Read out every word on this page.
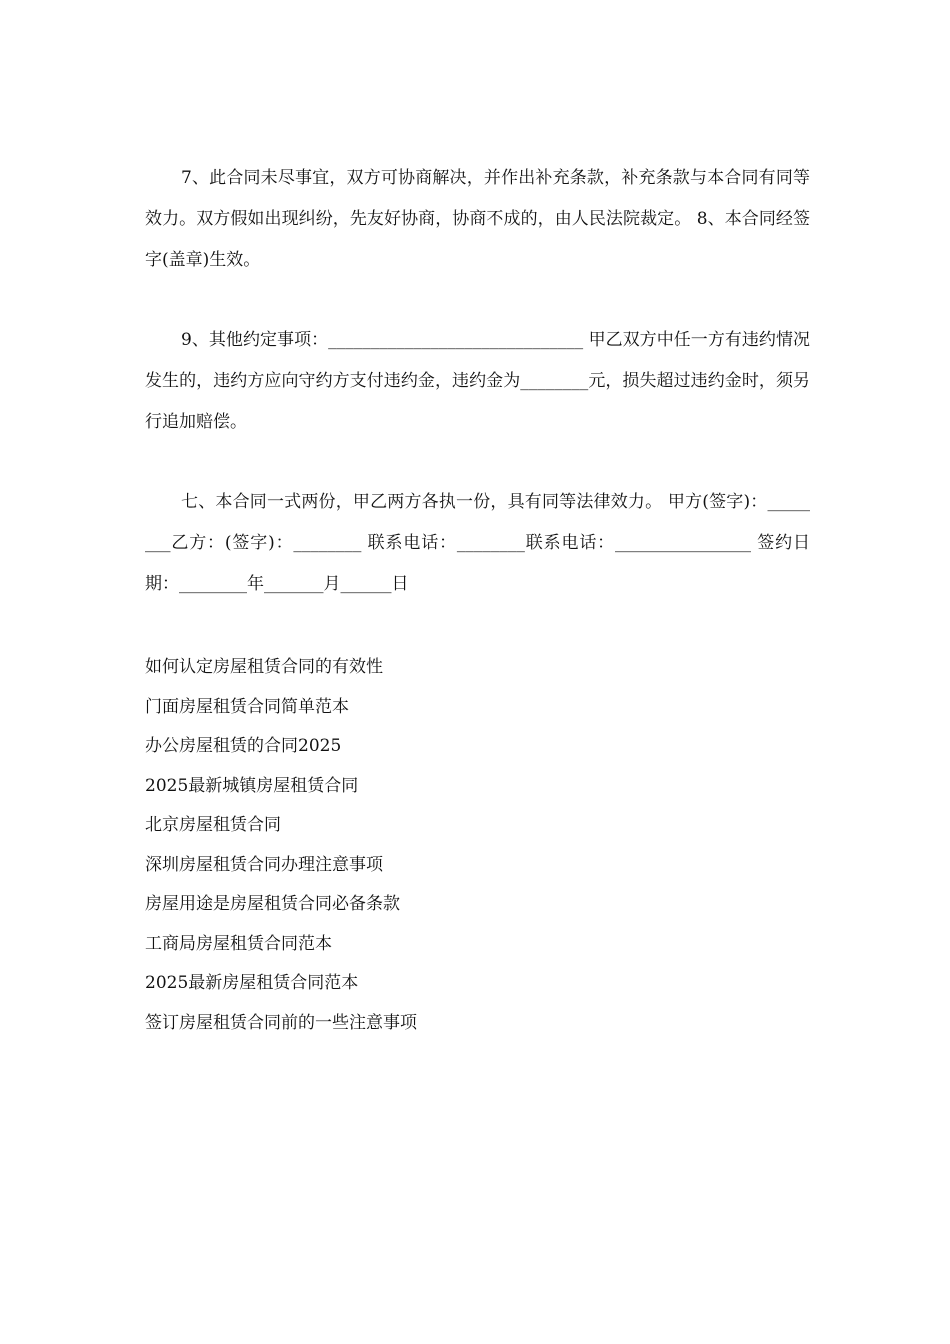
7、此合同未尽事宜，双方可协商解决，并作出补充条款，补充条款与本合同有同等效力。双方假如出现纠纷，先友好协商，协商不成的，由人民法院裁定。 8、本合同经签字(盖章)生效。

9、其他约定事项：______________________________ 甲乙双方中任一方有违约情况发生的，违约方应向守约方支付违约金，违约金为________元，损失超过违约金时，须另行追加赔偿。

七、本合同一式两份，甲乙两方各执一份，具有同等法律效力。 甲方(签字)：________乙方：(签字)：________ 联系电话：________联系电话：________________ 签约日期：________年_______月______日

如何认定房屋租赁合同的有效性
门面房屋租赁合同简单范本
办公房屋租赁的合同2025
2025最新城镇房屋租赁合同
北京房屋租赁合同
深圳房屋租赁合同办理注意事项
房屋用途是房屋租赁合同必备条款
工商局房屋租赁合同范本
2025最新房屋租赁合同范本
签订房屋租赁合同前的一些注意事项
